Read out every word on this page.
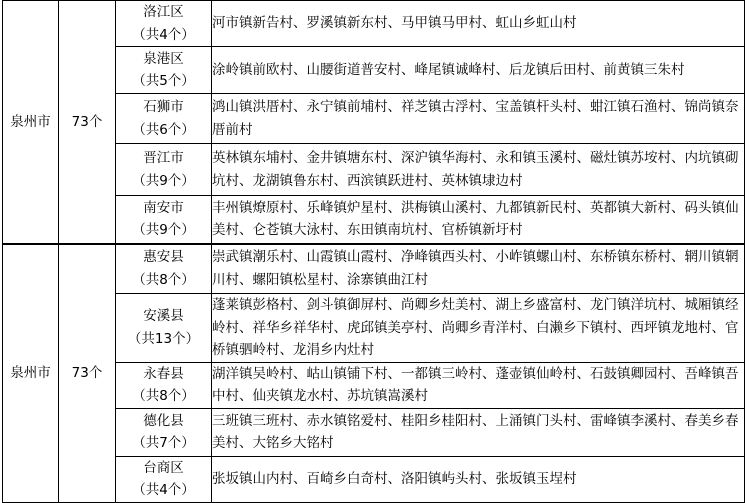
泉州市	73个	洛江区
（共4个）	河市镇新告村、罗溪镇新东村、马甲镇马甲村、虹山乡虹山村

		泉港区
（共5个）	涂岭镇前欧村、山腰街道普安村、峰尾镇诚峰村、后龙镇后田村、前黄镇三朱村

		石狮市
（共6个）	鸿山镇洪厝村、永宁镇前埔村、祥芝镇古浮村、宝盖镇杆头村、蚶江镇石渔村、锦尚镇奈厝前村

		晋江市
（共9个）	英林镇东埔村、金井镇塘东村、深沪镇华海村、永和镇玉溪村、磁灶镇苏垵村、内坑镇砌坑村、龙湖镇鲁东村、西滨镇跃进村、英林镇埭边村

		南安市
（共9个）	丰州镇燎原村、乐峰镇炉星村、洪梅镇山溪村、九都镇新民村、英都镇大新村、码头镇仙美村、仑苍镇大泳村、东田镇南坑村、官桥镇新圩村
泉州市	73个	惠安县
（共8个）	崇武镇潮乐村、山霞镇山霞村、净峰镇西头村、小岞镇螺山村、东桥镇东桥村、辋川镇辋川村、螺阳镇松星村、涂寨镇曲江村

		安溪县
（共13个）	蓬莱镇彭格村、剑斗镇御屏村、尚卿乡灶美村、湖上乡盛富村、龙门镇洋坑村、城厢镇经岭村、祥华乡祥华村、虎邱镇美亭村、尚卿乡青洋村、白濑乡下镇村、西坪镇龙地村、官桥镇驷岭村、龙涓乡内灶村

		永春县
（共8个）	湖洋镇吴岭村、岵山镇铺下村、一都镇三岭村、蓬壶镇仙岭村、石鼓镇卿园村、吾峰镇吾中村、仙夹镇龙水村、苏坑镇嵩溪村

		德化县
（共7个）	三班镇三班村、赤水镇铭爱村、桂阳乡桂阳村、上涌镇门头村、雷峰镇李溪村、春美乡春美村、大铭乡大铭村

		台商区
（共4个）	张坂镇山内村、百崎乡白奇村、洛阳镇屿头村、张坂镇玉埕村
